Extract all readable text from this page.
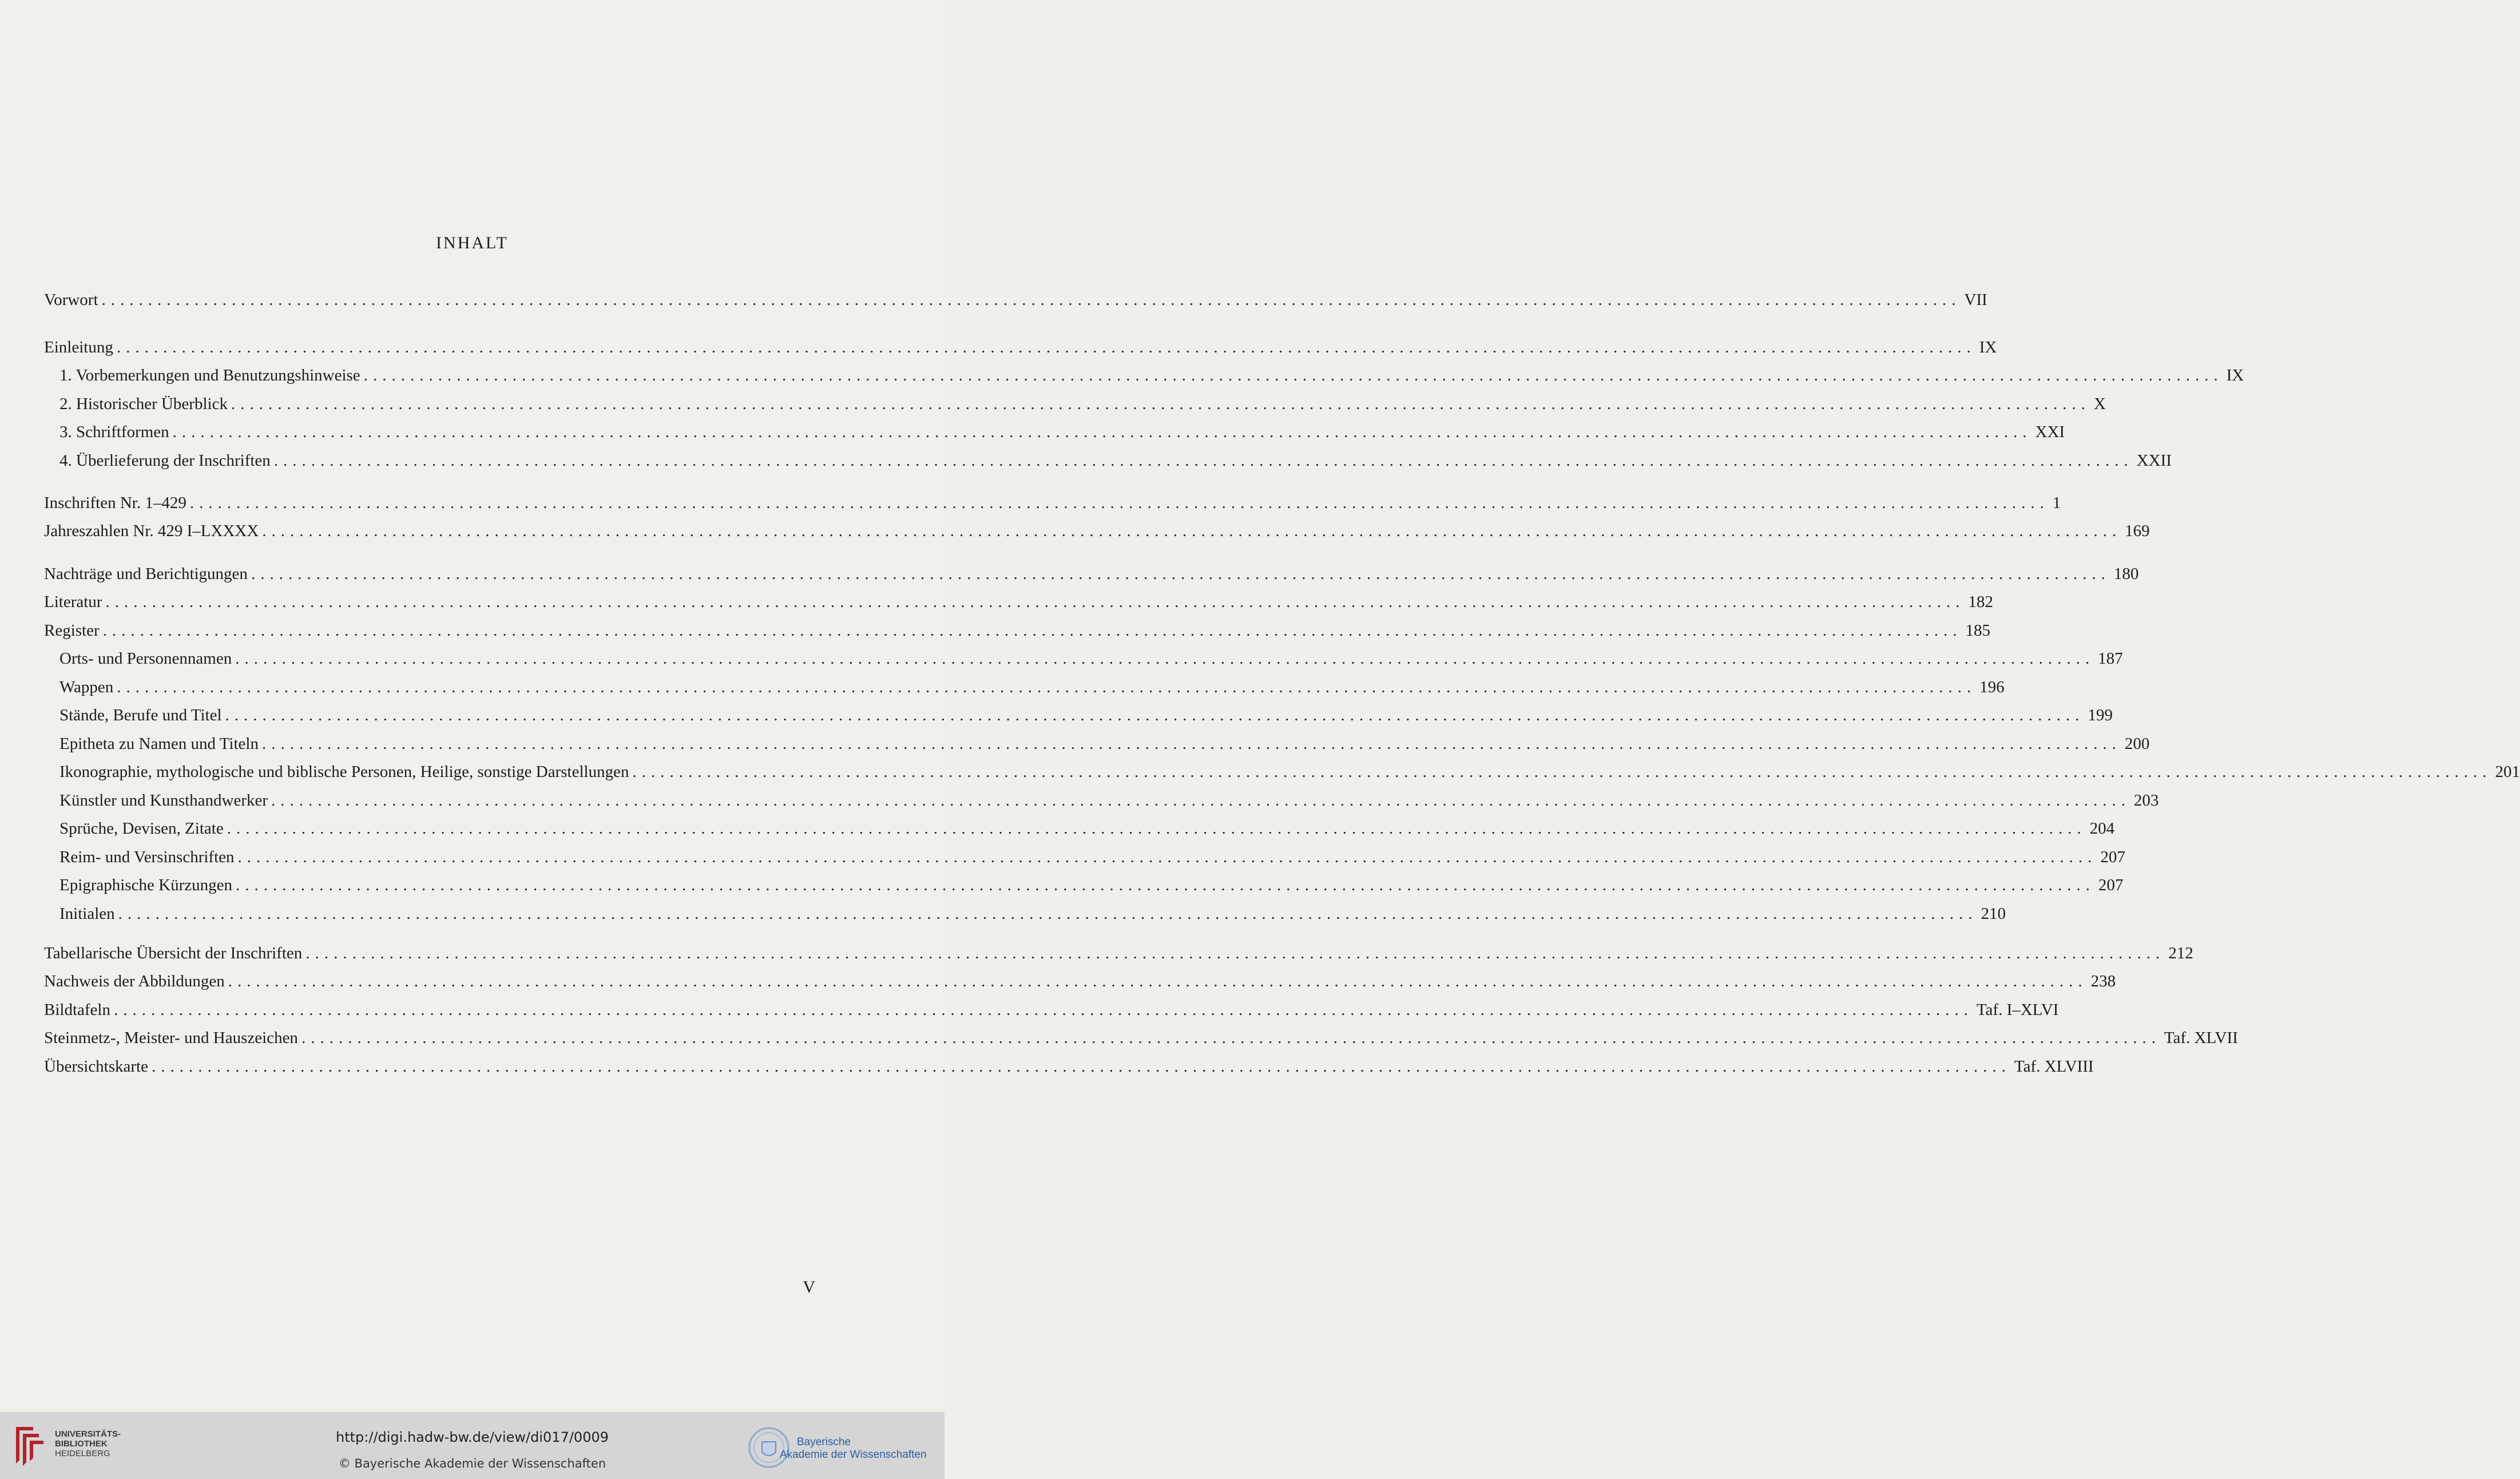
INHALT
Vorwort ........................................................................................................................................................................................................ VII
Einleitung ........................................................................................................................................................................................................ IX
1. Vorbemerkungen und Benutzungshinweise ........................................................................................................................................................................................................ IX
2. Historischer Überblick ........................................................................................................................................................................................................ X
3. Schriftformen ........................................................................................................................................................................................................ XXI
4. Überlieferung der Inschriften ........................................................................................................................................................................................................ XXII
Inschriften Nr. 1–429 ........................................................................................................................................................................................................ 1
Jahreszahlen Nr. 429 I–LXXXX ........................................................................................................................................................................................................ 169
Nachträge und Berichtigungen ........................................................................................................................................................................................................ 180
Literatur ........................................................................................................................................................................................................ 182
Register ........................................................................................................................................................................................................ 185
Orts- und Personennamen ........................................................................................................................................................................................................ 187
Wappen ........................................................................................................................................................................................................ 196
Stände, Berufe und Titel ........................................................................................................................................................................................................ 199
Epitheta zu Namen und Titeln ........................................................................................................................................................................................................ 200
Ikonographie, mythologische und biblische Personen, Heilige, sonstige Darstellungen ........................................................................................................................................................................................................ 201
Künstler und Kunsthandwerker ........................................................................................................................................................................................................ 203
Sprüche, Devisen, Zitate ........................................................................................................................................................................................................ 204
Reim- und Versinschriften ........................................................................................................................................................................................................ 207
Epigraphische Kürzungen ........................................................................................................................................................................................................ 207
Initialen ........................................................................................................................................................................................................ 210
Tabellarische Übersicht der Inschriften ........................................................................................................................................................................................................ 212
Nachweis der Abbildungen ........................................................................................................................................................................................................ 238
Bildtafeln ........................................................................................................................................................................................................ Taf. I–XLVI
Steinmetz-, Meister- und Hauszeichen ........................................................................................................................................................................................................ Taf. XLVII
Übersichtskarte ........................................................................................................................................................................................................ Taf. XLVIII
V
UNIVERSITÄTS-
BIBLIOTHEK
HEIDELBERG
http://digi.hadw-bw.de/view/di017/0009
© Bayerische Akademie der Wissenschaften
Bayerische
Akademie der Wissenschaften
